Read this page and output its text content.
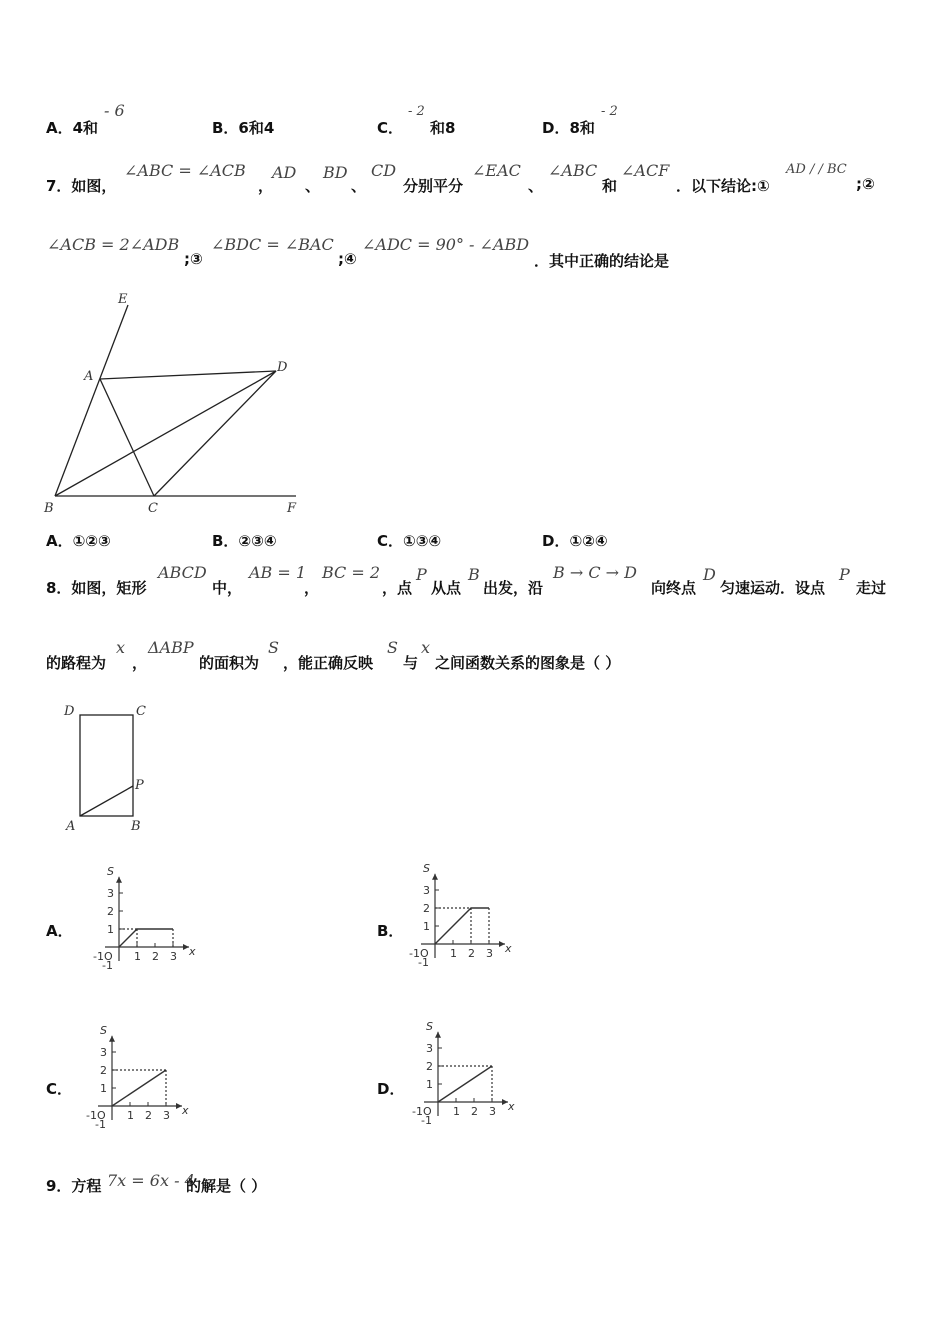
A．4和
- 6
B．6和4	C．
- 2
和8	D．8和
- 2
7．如图，
∠ABC = ∠ACB
，
AD
、
BD
、
CD
分别平分
∠EAC
、
∠ABC
和
∠ACF
．以下结论:①
AD / / BC
;②
∠ACB = 2∠ADB
;③
∠BDC = ∠BAC
;④
∠ADC = 90° - ∠ABD
．其中正确的结论是
E
A
D
B	C	F
A．①②③	B．②③④	C．①③④	D．①②④
8．如图，矩形
ABCD
中，
AB = 1
，
BC = 2
，点
P
从点
B
出发，沿
B → C → D
向终点
D
匀速运动．设点
P
走过
的路程为
x
，
ΔABP
的面积为
S
，能正确反映
S
与
x
之间函数关系的图象是（ ）
D	C
P
A	B
A．	B．
C．	D．
1
1
2
2
3
3
-1O
-1
S
x
1
1
2
2
3
3
-1O
-1
S
x
1
1
2
2
3
3
-1O
-1
S
x
1
1
2
2
3
3
-1O
-1
S
x
9．方程 7x = 6x - 4
的解是（ ）
